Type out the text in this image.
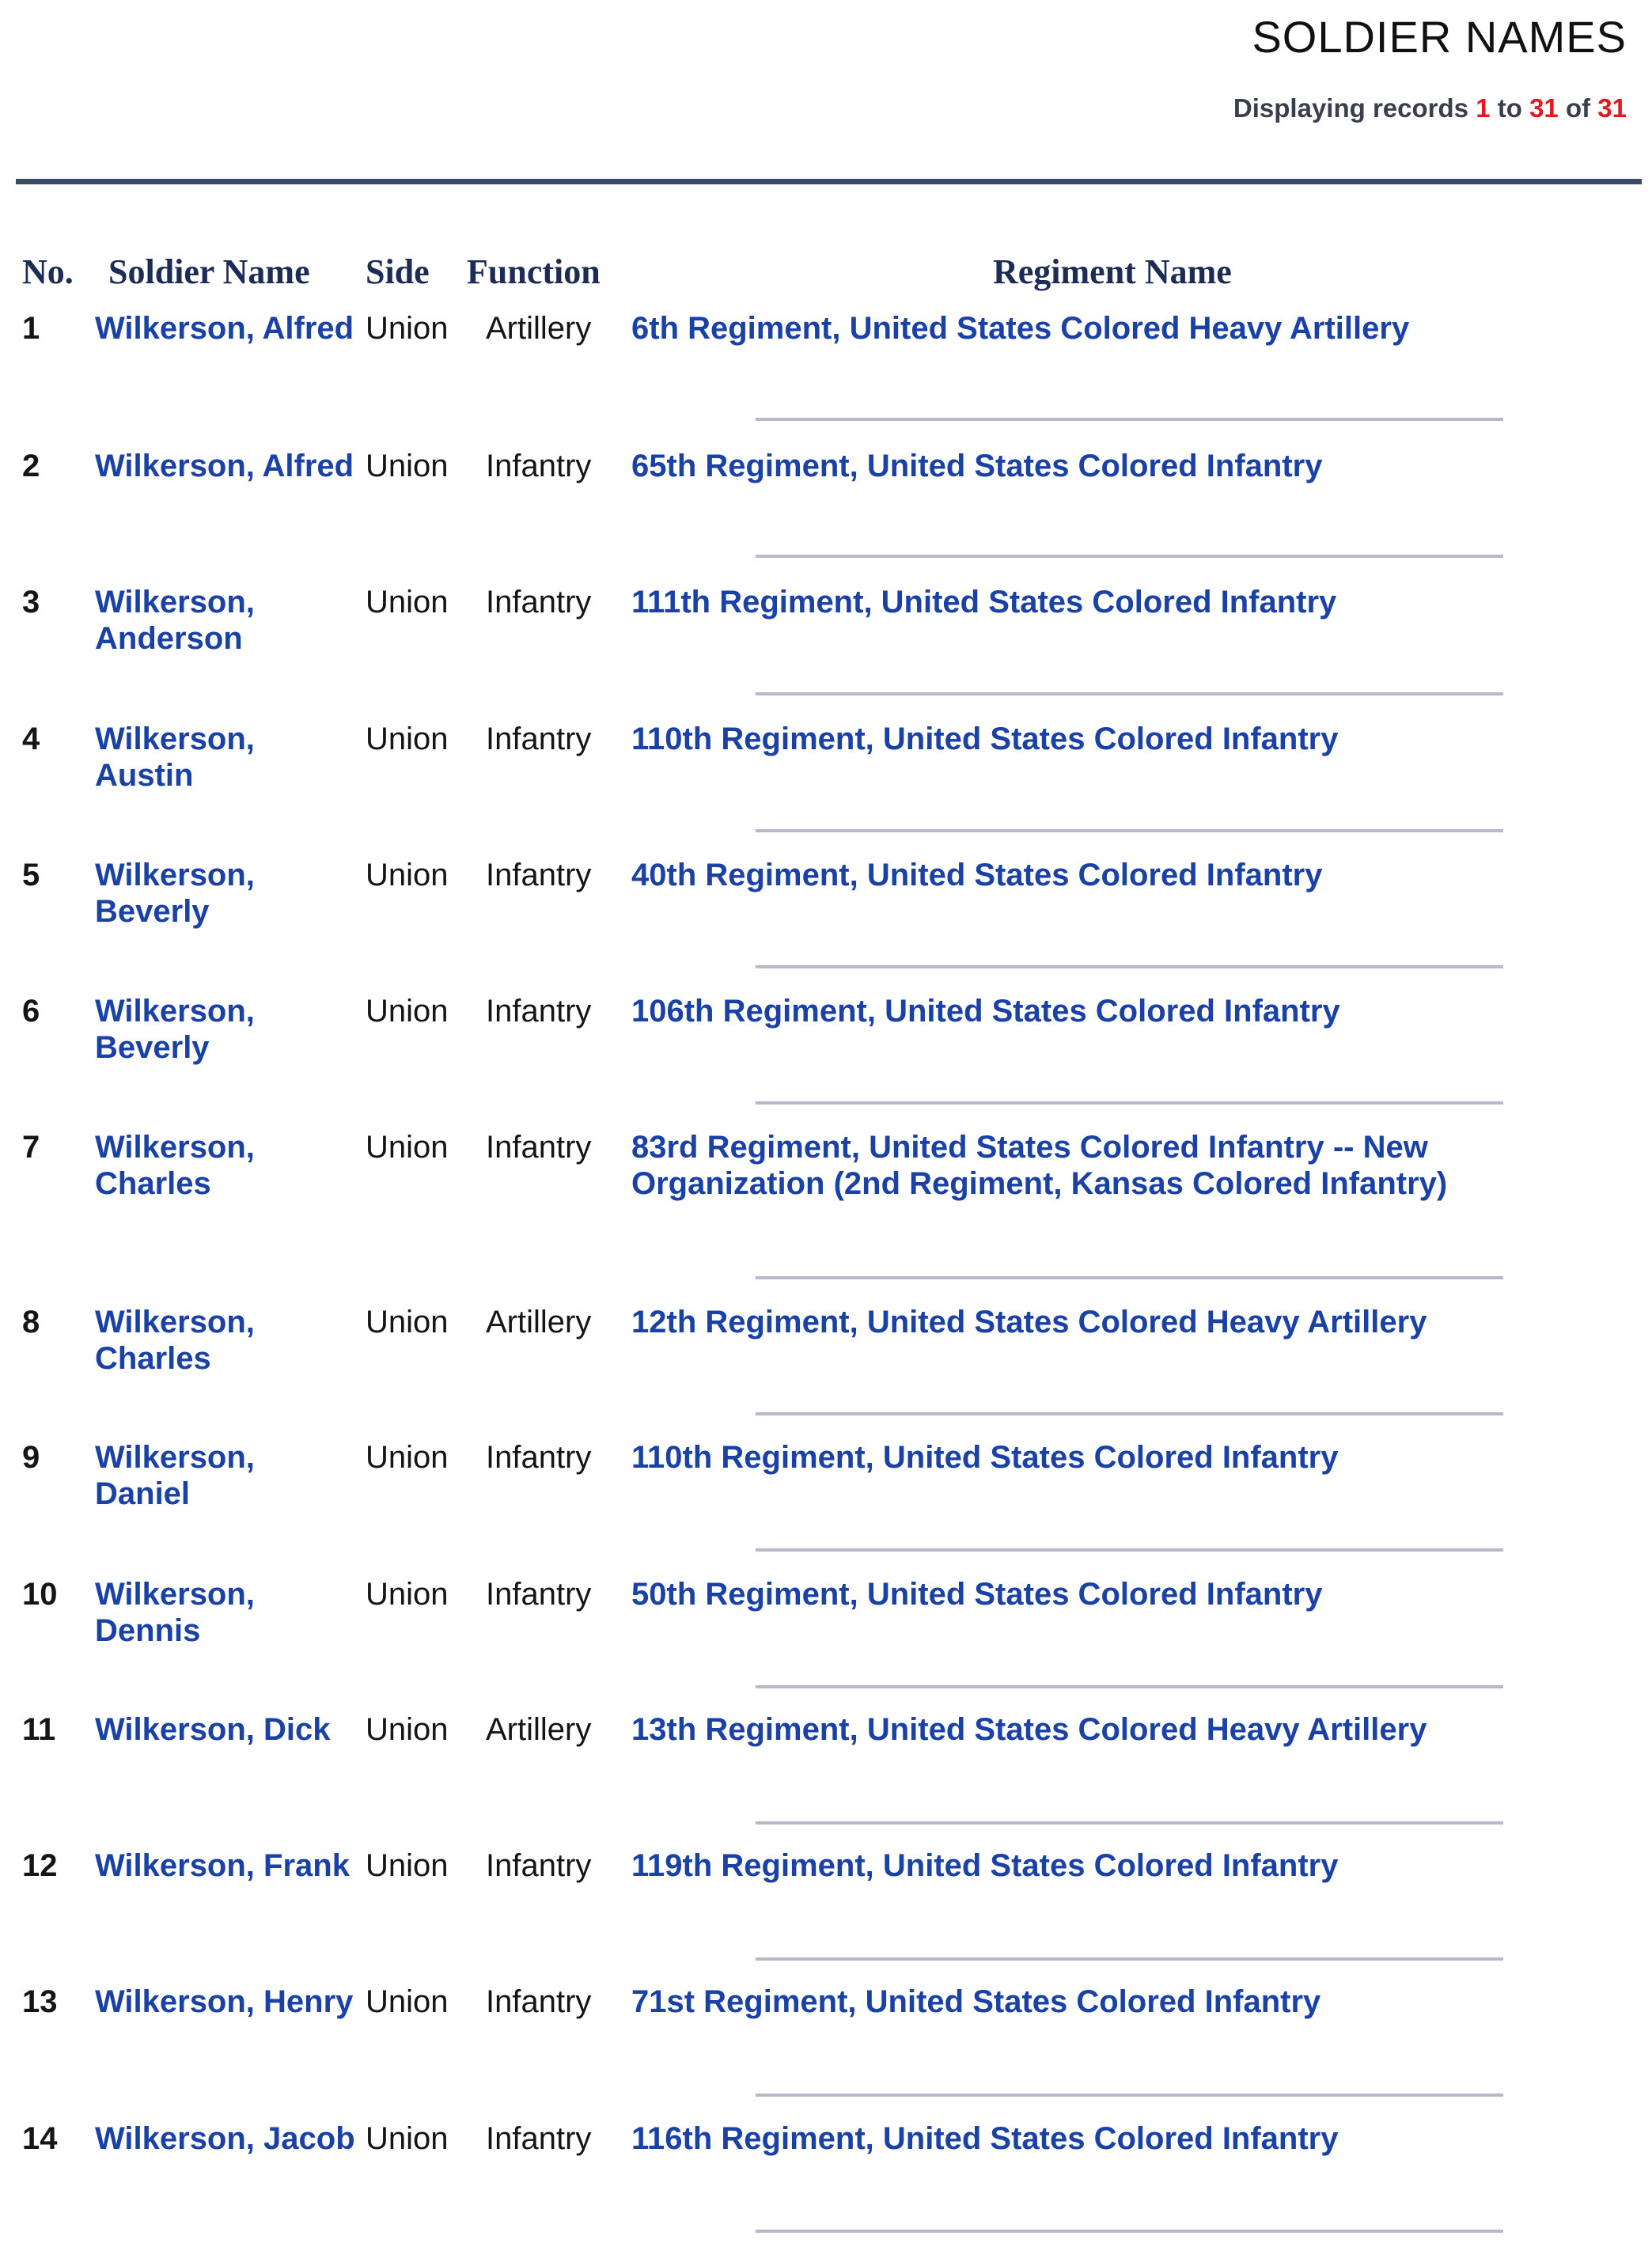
SOLDIER NAMES
Displaying records 1 to 31 of 31
No. Soldier Name Side Function	Regiment Name
1 Wilkerson, Alfred Union Artillery 6th Regiment, United States Colored Heavy Artillery
2 Wilkerson, Alfred Union Infantry 65th Regiment, United States Colored Infantry
3 Wilkerson, Anderson
Union Infantry 111th Regiment, United States Colored Infantry
4 Wilkerson, Austin
Union Infantry 110th Regiment, United States Colored Infantry
5 Wilkerson, Beverly
Union Infantry 40th Regiment, United States Colored Infantry
6 Wilkerson, Beverly
Union Infantry 106th Regiment, United States Colored Infantry
7 Wilkerson, Charles
Union Infantry 83rd Regiment, United States Colored Infantry -- New Organization (2nd Regiment, Kansas Colored Infantry)
8 Wilkerson, Charles
Union Artillery 12th Regiment, United States Colored Heavy Artillery
9 Wilkerson, Daniel
Union Infantry 110th Regiment, United States Colored Infantry
10 Wilkerson, Dennis
Union Infantry 50th Regiment, United States Colored Infantry
11 Wilkerson, Dick	Union Artillery 13th Regiment, United States Colored Heavy Artillery
12 Wilkerson, Frank Union Infantry 119th Regiment, United States Colored Infantry
13 Wilkerson, Henry Union Infantry 71st Regiment, United States Colored Infantry
14 Wilkerson, Jacob Union Infantry 116th Regiment, United States Colored Infantry
